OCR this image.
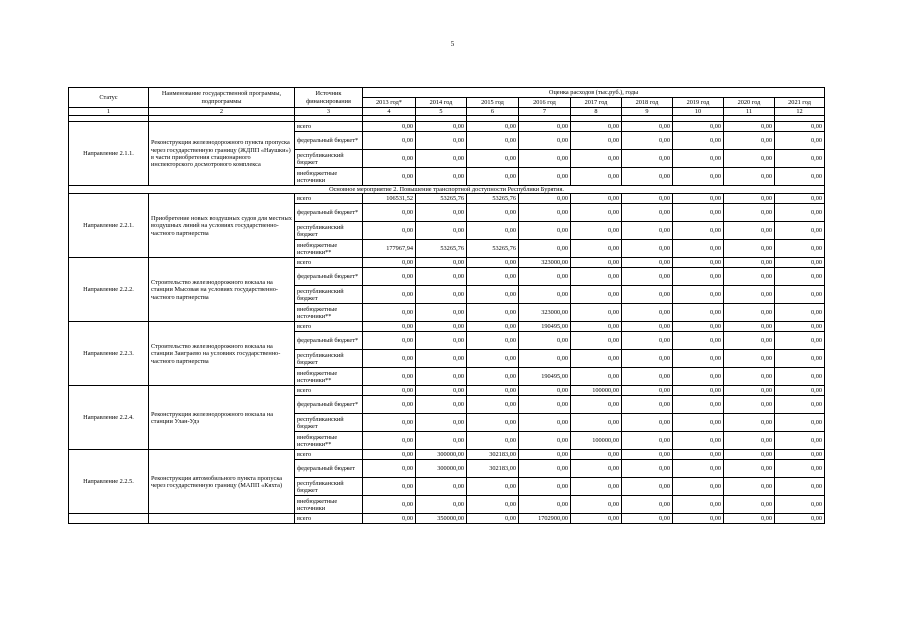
5
Статус	Наименование государственной программы, подпрограммы	Источник финансирования	Оценка расходов (тыс.руб.), годы								
			2013 год*	2014 год	2015 год	2016 год	2017 год	2018 год	2019 год	2020 год	2021 год
1	2	3	4	5	6	7	8	9	10	11	12

Направление 2.1.1.	Реконструкция железнодорожного пункта пропуска через государственную границу (ЖДПП «Наушки») в части приобретения стационарного инспекторского досмотрового комплекса	всего	0,00	0,00	0,00	0,00	0,00	0,00	0,00	0,00	0,00
		федеральный бюджет*	0,00	0,00	0,00	0,00	0,00	0,00	0,00	0,00	0,00
		республиканский бюджет	0,00	0,00	0,00	0,00	0,00	0,00	0,00	0,00	0,00
		внебюджетные источники	0,00	0,00	0,00	0,00	0,00	0,00	0,00	0,00	0,00
Основное мероприятие 2. Повышение транспортной доступности Республики Бурятия.											
Направление 2.2.1.	Приобретение новых воздушных судов для местных воздушных линий на условиях государственно-частного партнерства	всего	106531,52	53265,76	53265,76	0,00	0,00	0,00	0,00	0,00	0,00
		федеральный бюджет*	0,00	0,00	0,00	0,00	0,00	0,00	0,00	0,00	0,00
		республиканский бюджет	0,00	0,00	0,00	0,00	0,00	0,00	0,00	0,00	0,00
		внебюджетные источники**	177967,94	53265,76	53265,76	0,00	0,00	0,00	0,00	0,00	0,00
Направление 2.2.2.	Строительство железнодорожного вокзала на станции Мысовая на условиях государственно-частного партнерства	всего	0,00	0,00	0,00	323000,00	0,00	0,00	0,00	0,00	0,00
		федеральный бюджет*	0,00	0,00	0,00	0,00	0,00	0,00	0,00	0,00	0,00
		республиканский бюджет	0,00	0,00	0,00	0,00	0,00	0,00	0,00	0,00	0,00
		внебюджетные источники**	0,00	0,00	0,00	323000,00	0,00	0,00	0,00	0,00	0,00
Направление 2.2.3.	Строительство железнодорожного вокзала на станции Заиграево на условиях государственно-частного партнерства	всего	0,00	0,00	0,00	190495,00	0,00	0,00	0,00	0,00	0,00
		федеральный бюджет*	0,00	0,00	0,00	0,00	0,00	0,00	0,00	0,00	0,00
		республиканский бюджет	0,00	0,00	0,00	0,00	0,00	0,00	0,00	0,00	0,00
		внебюджетные источники**	0,00	0,00	0,00	190495,00	0,00	0,00	0,00	0,00	0,00
Направление 2.2.4.	Реконструкция железнодорожного вокзала на станции Улан-Удэ	всего	0,00	0,00	0,00	0,00	100000,00	0,00	0,00	0,00	0,00
		федеральный бюджет*	0,00	0,00	0,00	0,00	0,00	0,00	0,00	0,00	0,00
		республиканский бюджет	0,00	0,00	0,00	0,00	0,00	0,00	0,00	0,00	0,00
		внебюджетные источники**	0,00	0,00	0,00	0,00	100000,00	0,00	0,00	0,00	0,00
Направление 2.2.5.	Реконструкция автомобильного пункта пропуска через государственную границу (МАПП «Кяхта)	всего	0,00	300000,00	302183,00	0,00	0,00	0,00	0,00	0,00	0,00
		федеральный бюджет	0,00	300000,00	302183,00	0,00	0,00	0,00	0,00	0,00	0,00
		республиканский бюджет	0,00	0,00	0,00	0,00	0,00	0,00	0,00	0,00	0,00
		внебюджетные источники	0,00	0,00	0,00	0,00	0,00	0,00	0,00	0,00	0,00
		всего	0,00	350000,00	0,00	1702900,00	0,00	0,00	0,00	0,00	0,00
